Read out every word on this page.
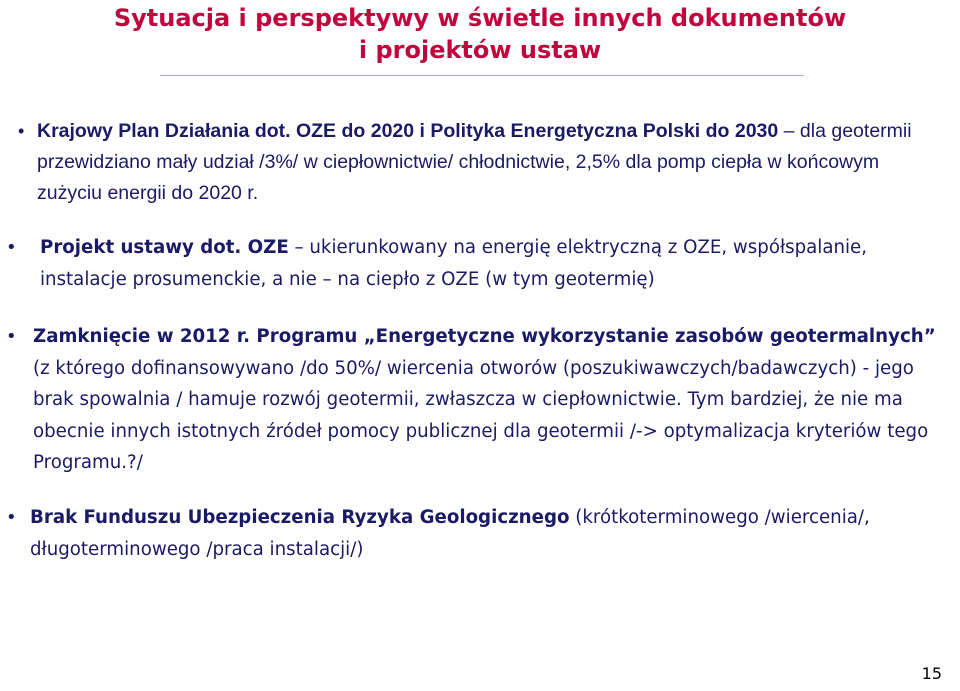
Sytuacja i perspektywy w świetle innych dokumentów
i projektów ustaw

• Krajowy Plan Działania dot. OZE do 2020 i Polityka Energetyczna Polski do 2030 – dla geotermii przewidziano mały udział /3%/ w ciepłownictwie/ chłodnictwie, 2,5% dla pomp ciepła w końcowym zużyciu energii do 2020 r.

•	Projekt ustawy dot. OZE – ukierunkowany na energię elektryczną z OZE, współspalanie, instalacje prosumenckie, a nie – na ciepło z OZE (w tym geotermię)

• Zamknięcie w 2012 r. Programu „Energetyczne wykorzystanie zasobów geotermalnych” (z którego dofinansowywano /do 50%/ wiercenia otworów (poszukiwawczych/badawczych) - jego brak spowalnia / hamuje rozwój geotermii, zwłaszcza w ciepłownictwie. Tym bardziej, że nie ma obecnie innych istotnych źródeł pomocy publicznej dla geotermii /-> optymalizacja kryteriów tego Programu.?/

• Brak Funduszu Ubezpieczenia Ryzyka Geologicznego (krótkoterminowego /wiercenia/, długoterminowego /praca instalacji/)

15
